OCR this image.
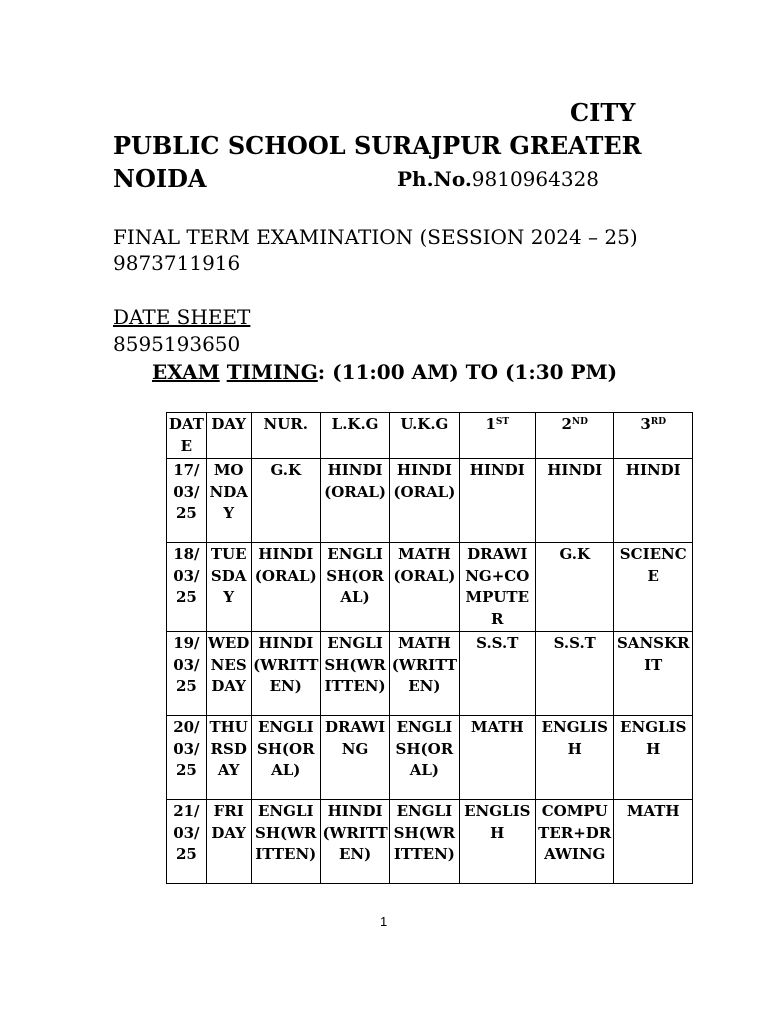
CITY
PUBLIC SCHOOL SURAJPUR GREATER
NOIDA	Ph.No.9810964328
FINAL TERM EXAMINATION (SESSION 2024 – 25)
9873711916
DATE SHEET
8595193650
EXAM TIMING: (11:00 AM) TO (1:30 PM)
DATE	DAY	NUR.	L.K.G	U.K.G	1ST	2ND	3RD
17/03/25	MONDAY	G.K	HINDI(ORAL)	HINDI(ORAL)	HINDI	HINDI	HINDI
18/03/25	TUESDAY	HINDI(ORAL)	ENGLISH(ORAL)	MATH(ORAL)	DRAWING+COMPUTER	G.K	SCIENCE
19/03/25	WEDNESDAY	HINDI(WRITTEN)	ENGLISH(WRITTEN)	MATH(WRITTEN)	S.S.T	S.S.T	SANSKRIT
20/03/25	THURSDAY	ENGLISH(ORAL)	DRAWING	ENGLISH(ORAL)	MATH	ENGLISH	ENGLISH
21/03/25	FRIDAY	ENGLISH(WRITTEN)	HINDI(WRITTEN)	ENGLISH(WRITTEN)	ENGLISH	COMPUTER+DRAWING	MATH
1
